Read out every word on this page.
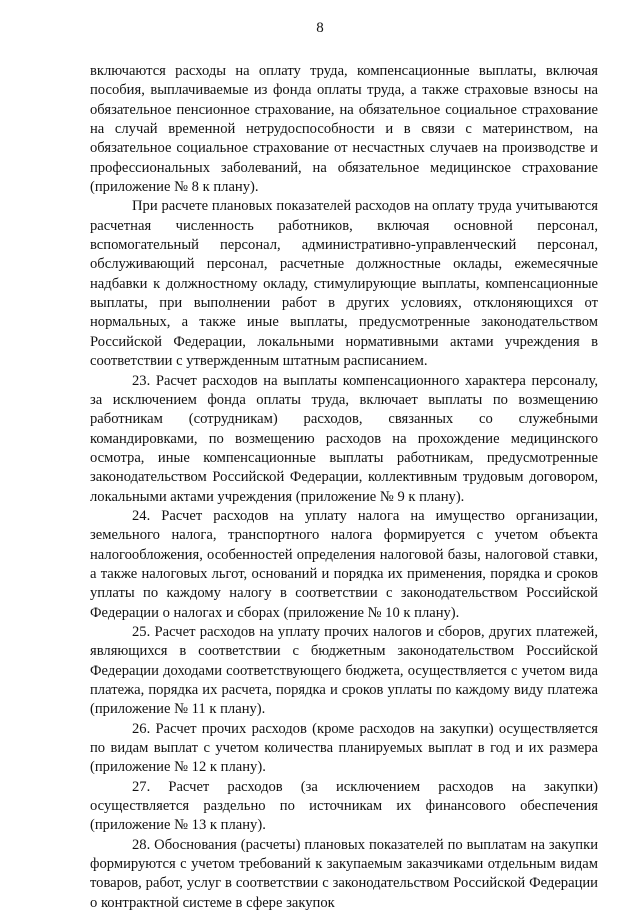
8

включаются расходы на оплату труда, компенсационные выплаты, включая пособия, выплачиваемые из фонда оплаты труда, а также страховые взносы на обязательное пенсионное страхование, на обязательное социальное страхование на случай временной нетрудоспособности и в связи с материнством, на обязательное социальное страхование от несчастных случаев на производстве и профессиональных заболеваний, на обязательное медицинское страхование (приложение № 8 к плану).

При расчете плановых показателей расходов на оплату труда учитываются расчетная численность работников, включая основной персонал, вспомогательный персонал, административно-управленческий персонал, обслуживающий персонал, расчетные должностные оклады, ежемесячные надбавки к должностному окладу, стимулирующие выплаты, компенсационные выплаты, при выполнении работ в других условиях, отклоняющихся от нормальных, а также иные выплаты, предусмотренные законодательством Российской Федерации, локальными нормативными актами учреждения в соответствии с утвержденным штатным расписанием.

23. Расчет расходов на выплаты компенсационного характера персоналу, за исключением фонда оплаты труда, включает выплаты по возмещению работникам (сотрудникам) расходов, связанных со служебными командировками, по возмещению расходов на прохождение медицинского осмотра, иные компенсационные выплаты работникам, предусмотренные законодательством Российской Федерации, коллективным трудовым договором, локальными актами учреждения (приложение № 9 к плану).

24. Расчет расходов на уплату налога на имущество организации, земельного налога, транспортного налога формируется с учетом объекта налогообложения, особенностей определения налоговой базы, налоговой ставки, а также налоговых льгот, оснований и порядка их применения, порядка и сроков уплаты по каждому налогу в соответствии с законодательством Российской Федерации о налогах и сборах (приложение № 10 к плану).

25. Расчет расходов на уплату прочих налогов и сборов, других платежей, являющихся в соответствии с бюджетным законодательством Российской Федерации доходами соответствующего бюджета, осуществляется с учетом вида платежа, порядка их расчета, порядка и сроков уплаты по каждому виду платежа (приложение № 11 к плану).

26. Расчет прочих расходов (кроме расходов на закупки) осуществляется по видам выплат с учетом количества планируемых выплат в год и их размера (приложение № 12 к плану).

27. Расчет расходов (за исключением расходов на закупки) осуществляется раздельно по источникам их финансового обеспечения (приложение № 13 к плану).

28. Обоснования (расчеты) плановых показателей по выплатам на закупки формируются с учетом требований к закупаемым заказчиками отдельным видам товаров, работ, услуг в соответствии с законодательством Российской Федерации о контрактной системе в сфере закупок
